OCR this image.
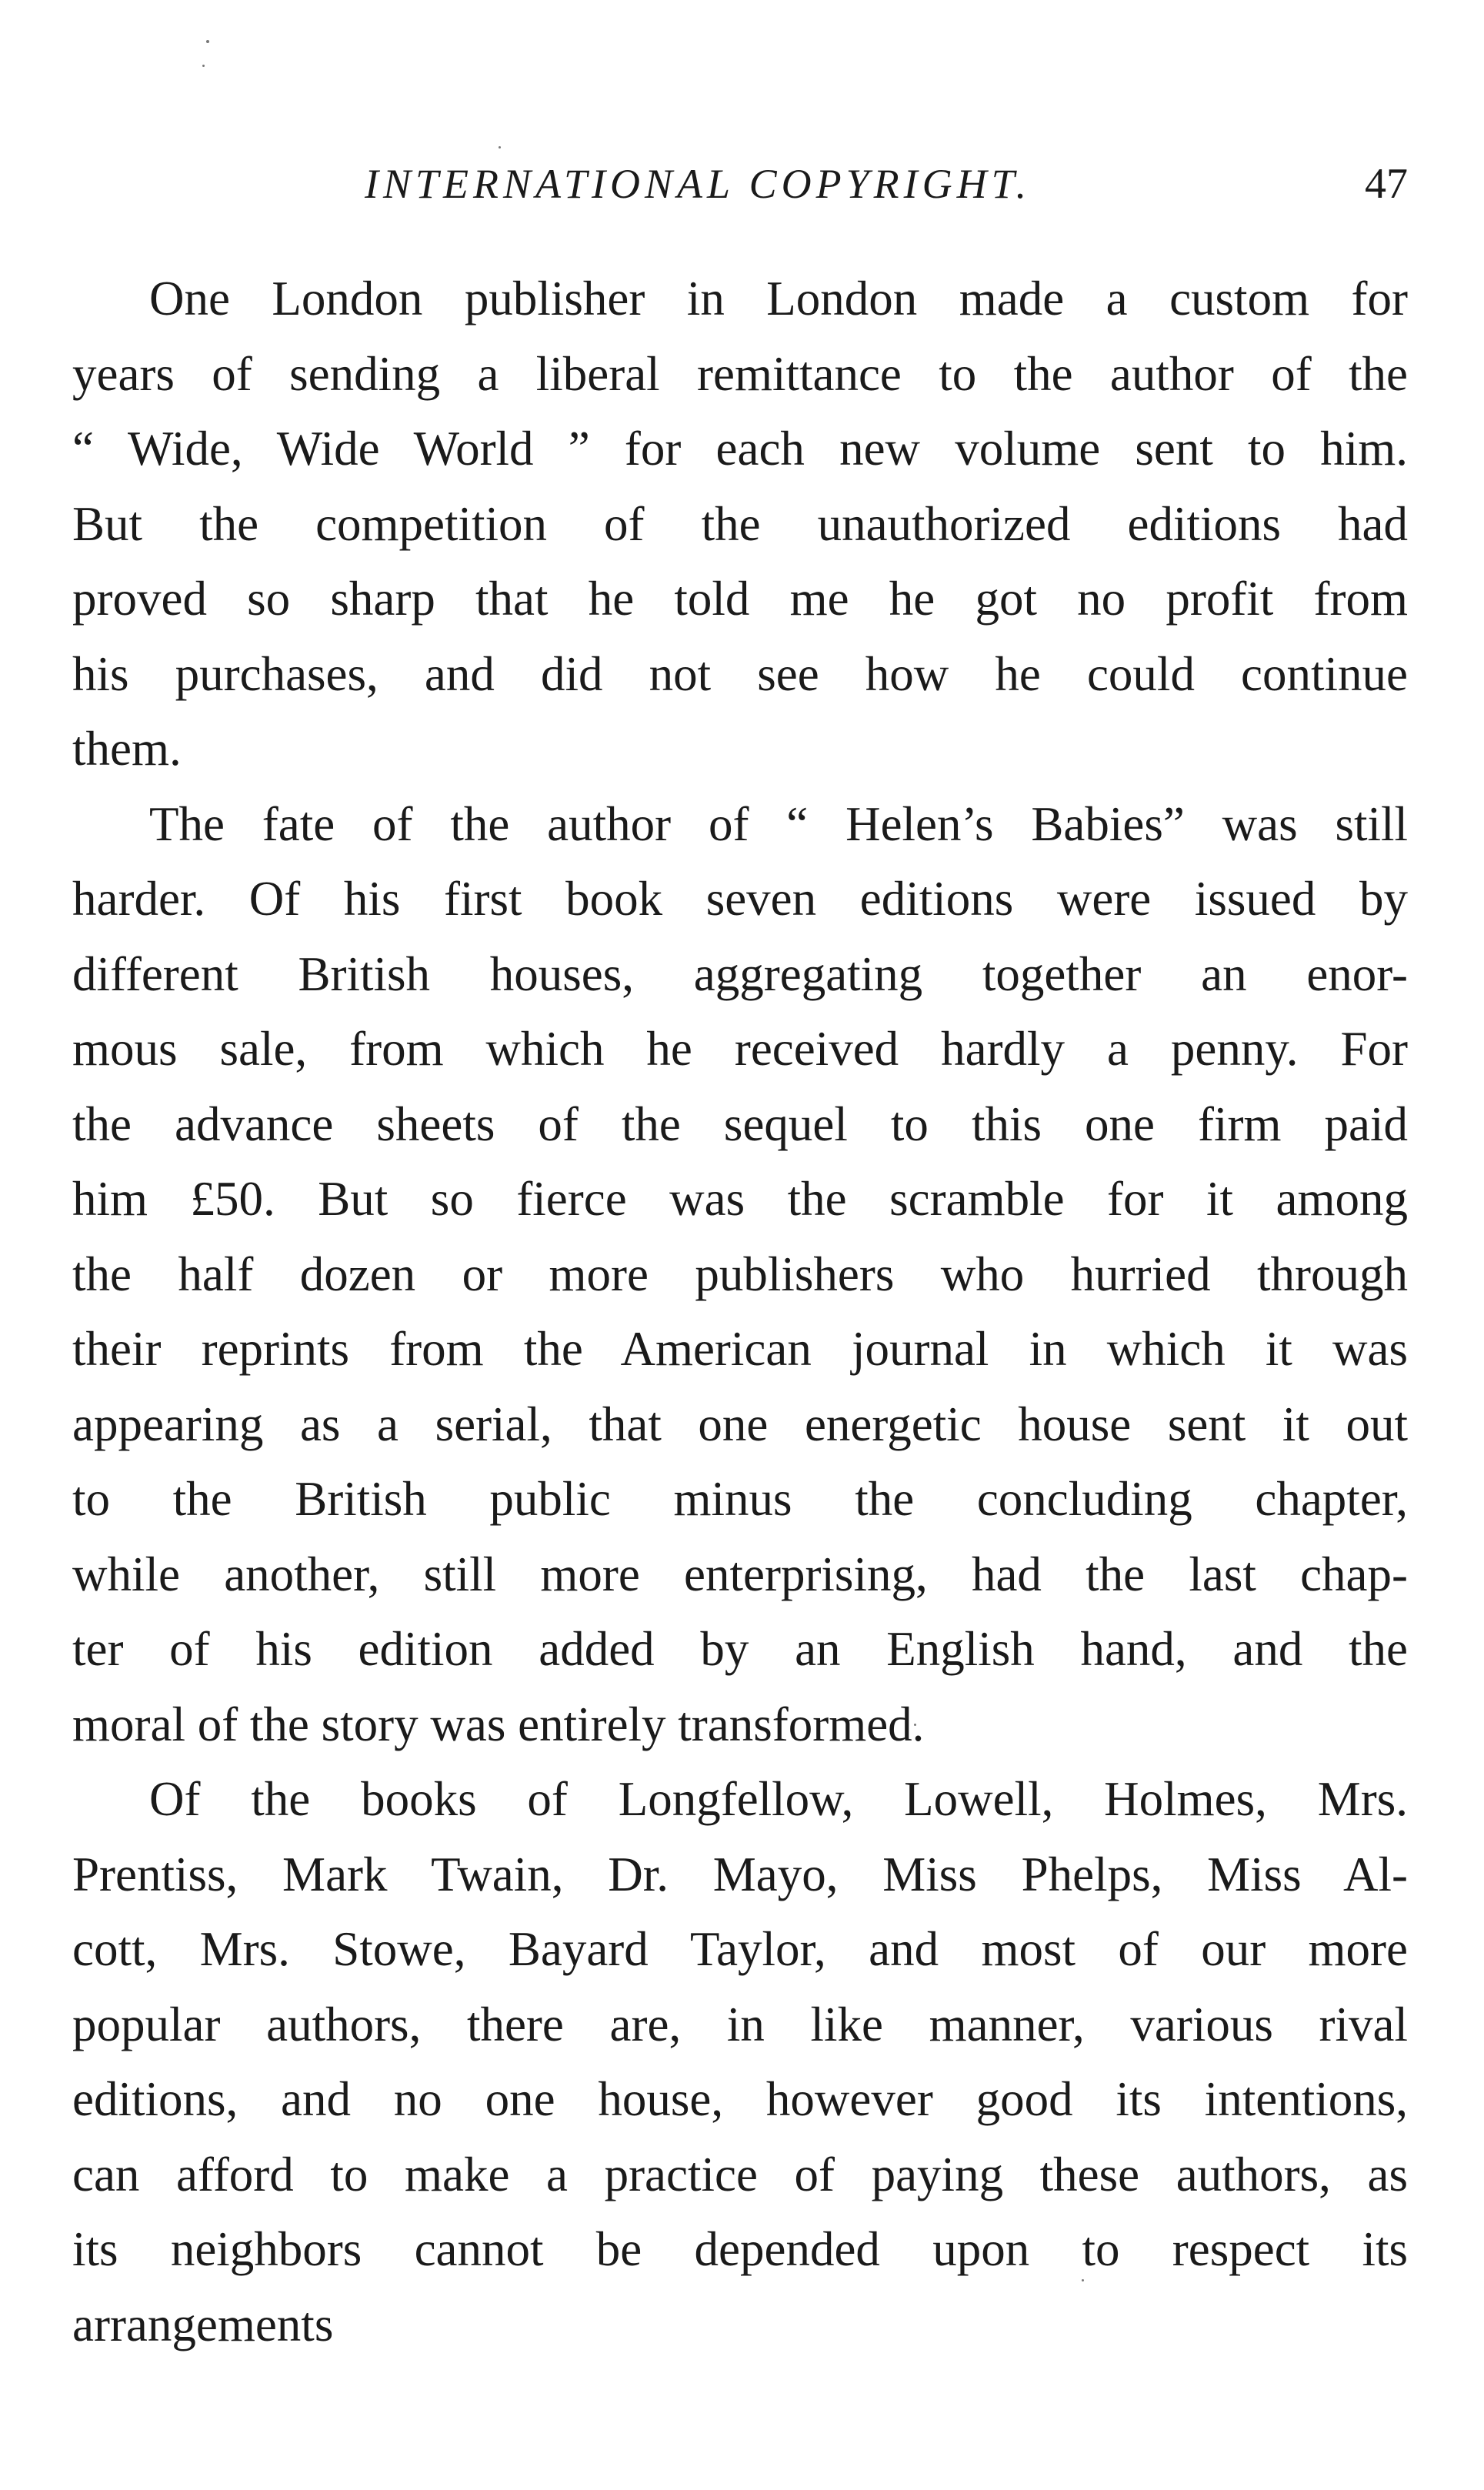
INTERNATIONAL COPYRIGHT.	47
One London publisher in London made a custom for
years of sending a liberal remittance to the author of the
“ Wide, Wide World ” for each new volume sent to him.
But the competition of the unauthorized editions had
proved so sharp that he told me he got no profit from
his purchases, and did not see how he could continue
them.
The fate of the author of “ Helen’s Babies” was still
harder. Of his first book seven editions were issued by
different British houses, aggregating together an enor-
mous sale, from which he received hardly a penny. For
the advance sheets of the sequel to this one firm paid
him £50. But so fierce was the scramble for it among
the half dozen or more publishers who hurried through
their reprints from the American journal in which it was
appearing as a serial, that one energetic house sent it out
to the British public minus the concluding chapter,
while another, still more enterprising, had the last chap-
ter of his edition added by an English hand, and the
moral of the story was entirely transformed.
Of the books of Longfellow, Lowell, Holmes, Mrs.
Prentiss, Mark Twain, Dr. Mayo, Miss Phelps, Miss Al-
cott, Mrs. Stowe, Bayard Taylor, and most of our more
popular authors, there are, in like manner, various rival
editions, and no one house, however good its intentions,
can afford to make a practice of paying these authors, as
its neighbors cannot be depended upon to respect its
arrangements
